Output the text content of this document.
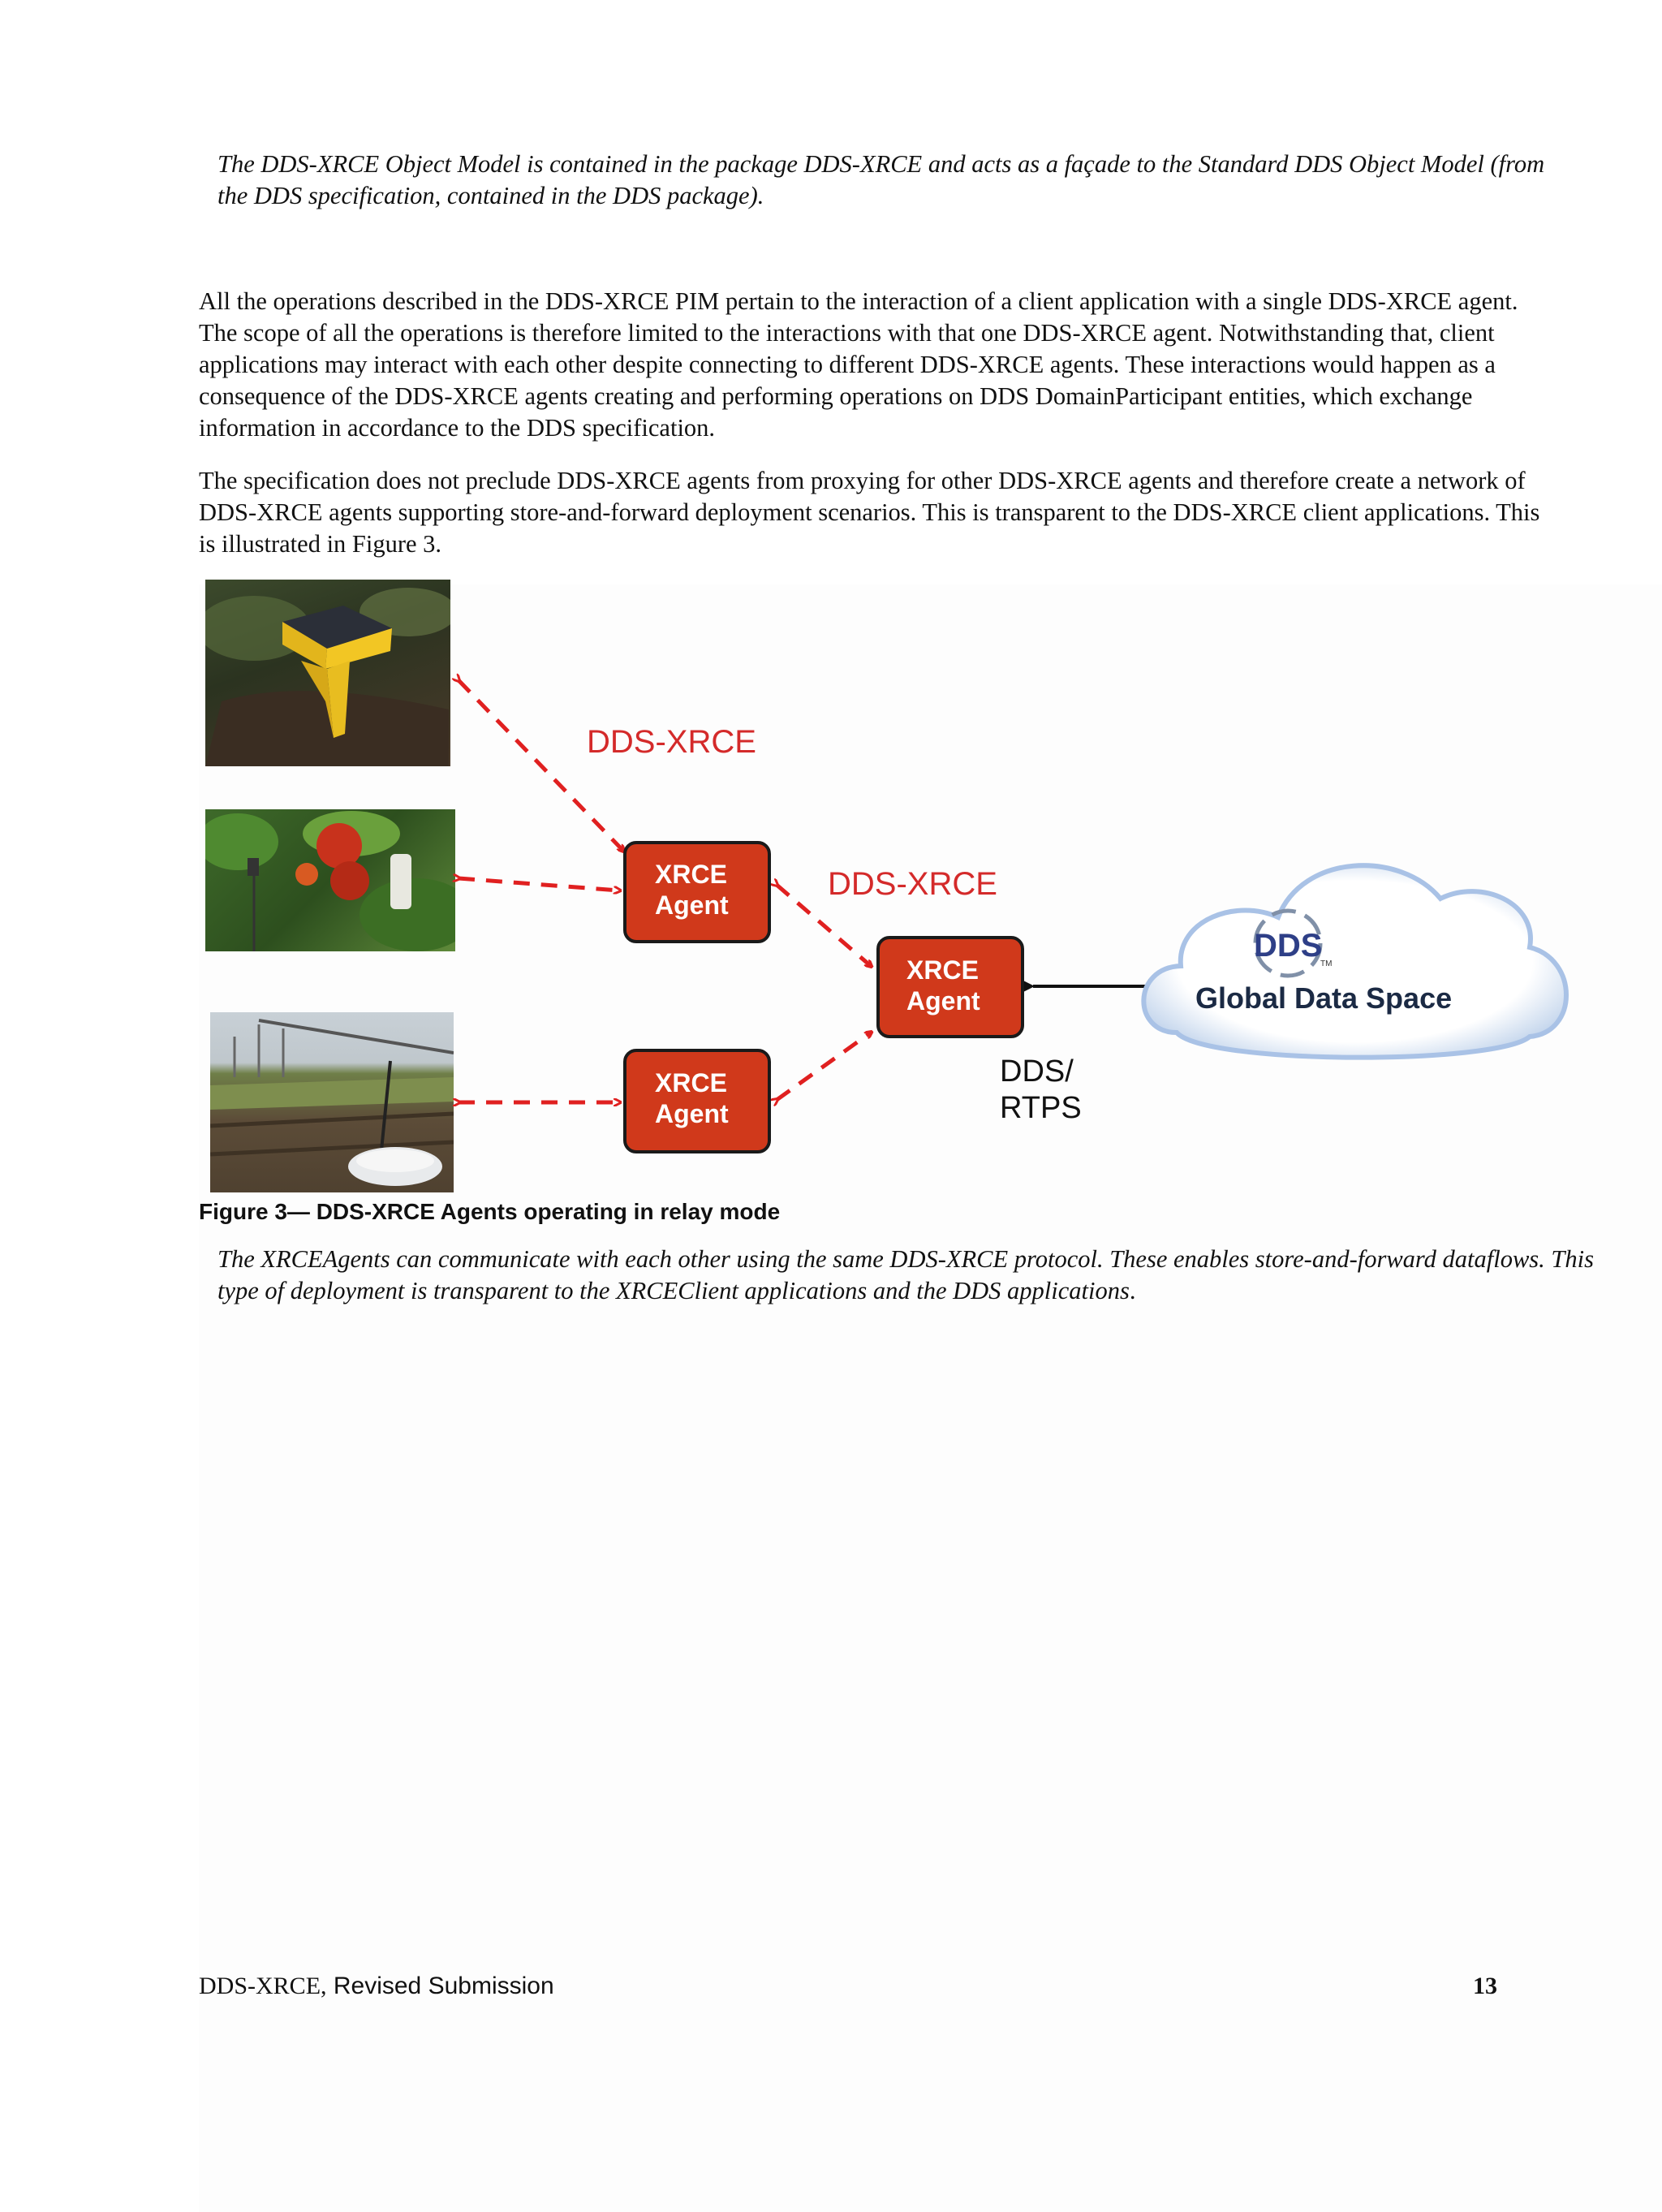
The DDS-XRCE Object Model is contained in the package DDS-XRCE and acts as a façade to the Standard DDS Object Model (from the DDS specification, contained in the DDS package).

All the operations described in the DDS-XRCE PIM pertain to the interaction of a client application with a single DDS-XRCE agent. The scope of all the operations is therefore limited to the interactions with that one DDS-XRCE agent. Notwithstanding that, client applications may interact with each other despite connecting to different DDS-XRCE agents. These interactions would happen as a consequence of the DDS-XRCE agents creating and performing operations on DDS DomainParticipant entities, which exchange information in accordance to the DDS specification.

The specification does not preclude DDS-XRCE agents from proxying for other DDS-XRCE agents and therefore create a network of DDS-XRCE agents supporting store-and-forward deployment scenarios. This is transparent to the DDS-XRCE client applications. This is illustrated in Figure 3.

DDS-XRCE
DDS-XRCE
XRCE
Agent
XRCE
Agent
XRCE
Agent
DDS/
RTPS
DDS
TM
Global Data Space

Figure 3— DDS-XRCE Agents operating in relay mode

The XRCEAgents can communicate with each other using the same DDS-XRCE protocol. These enables store-and-forward dataflows. This type of deployment is transparent to the XRCEClient applications and the DDS applications.

DDS-XRCE, Revised Submission	13
